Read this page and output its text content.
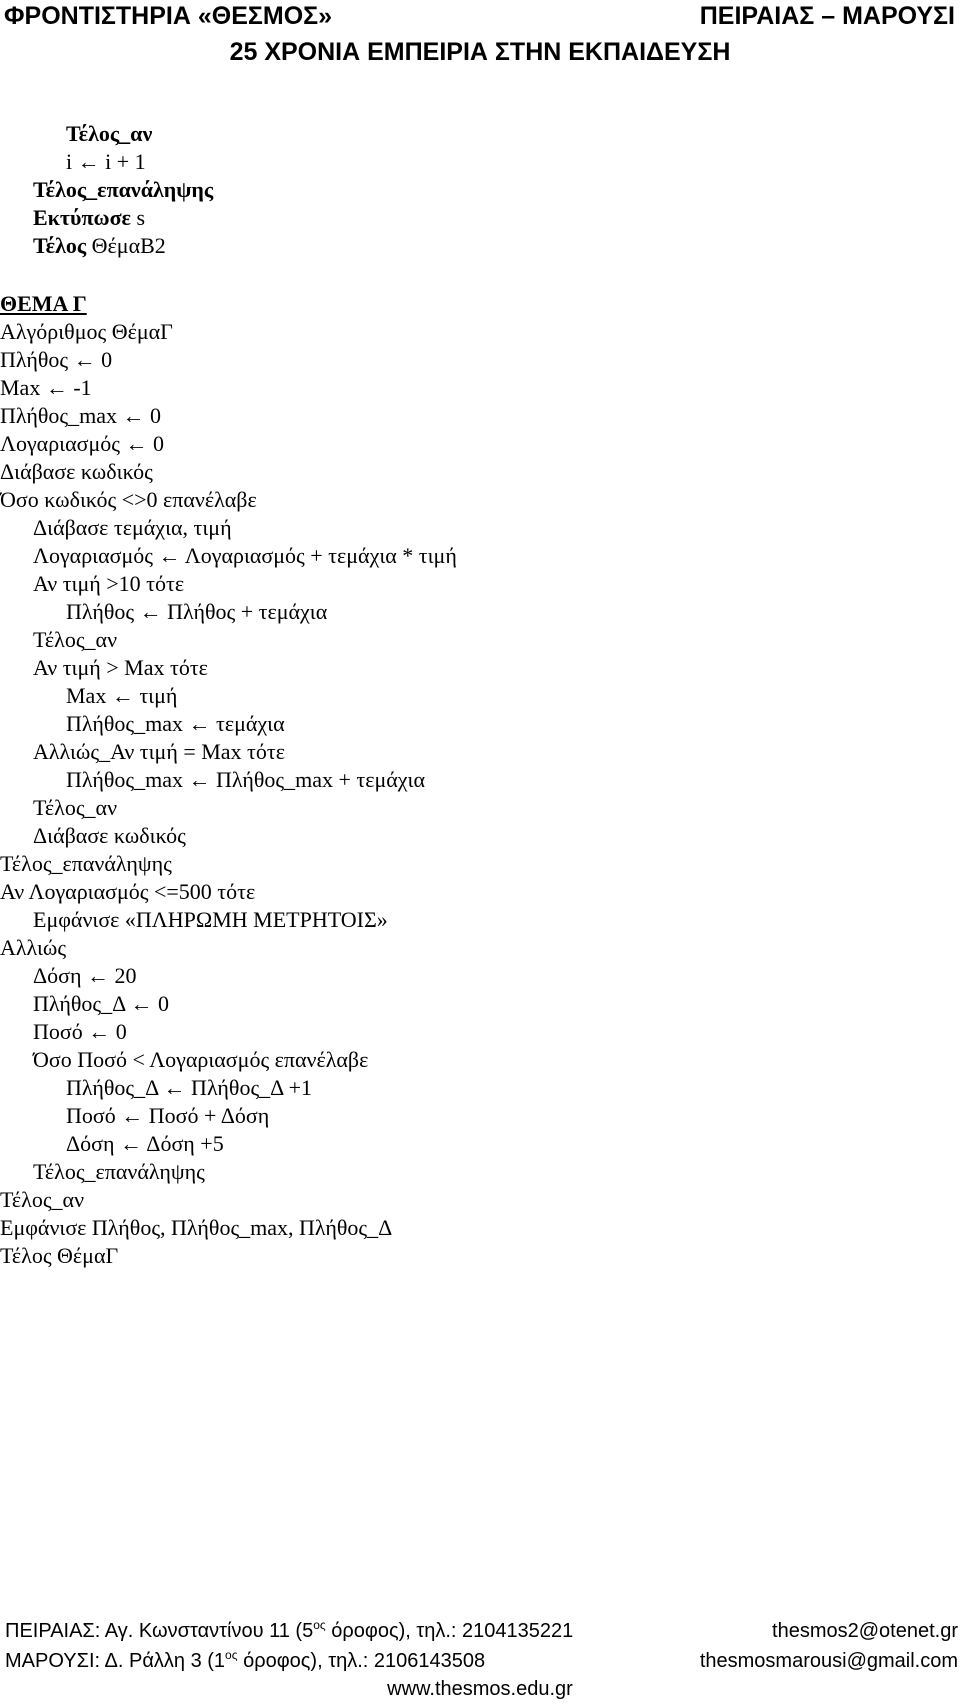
ΦΡΟΝΤΙΣΤΗΡΙΑ «ΘΕΣΜΟΣ»	ΠΕΙΡΑΙΑΣ – ΜΑΡΟΥΣΙ
25 ΧΡΟΝΙΑ ΕΜΠΕΙΡΙΑ ΣΤΗΝ ΕΚΠΑΙΔΕΥΣΗ
Τέλος_αν
i ← i + 1
Τέλος_επανάληψης
Εκτύπωσε s
Τέλος ΘέμαΒ2
ΘΕΜΑ Γ
Αλγόριθμος ΘέμαΓ
Πλήθος ← 0
Max ← -1
Πλήθος_max ← 0
Λογαριασμός ← 0
Διάβασε κωδικός
Όσο κωδικός <>0 επανέλαβε
Διάβασε τεμάχια, τιμή
Λογαριασμός ← Λογαριασμός + τεμάχια * τιμή
Αν τιμή >10 τότε
Πλήθος ← Πλήθος + τεμάχια
Τέλος_αν
Αν τιμή > Max τότε
Max ← τιμή
Πλήθος_max ← τεμάχια
Αλλιώς_Αν τιμή = Max τότε
Πλήθος_max ← Πλήθος_max + τεμάχια
Τέλος_αν
Διάβασε κωδικός
Τέλος_επανάληψης
Αν Λογαριασμός <=500 τότε
Εμφάνισε «ΠΛΗΡΩΜΗ ΜΕΤΡΗΤΟΙΣ»
Αλλιώς
Δόση ← 20
Πλήθος_Δ ← 0
Ποσό ← 0
Όσο Ποσό < Λογαριασμός επανέλαβε
Πλήθος_Δ ← Πλήθος_Δ +1
Ποσό ← Ποσό + Δόση
Δόση ← Δόση +5
Τέλος_επανάληψης
Τέλος_αν
Εμφάνισε Πλήθος, Πλήθος_max, Πλήθος_Δ
Τέλος ΘέμαΓ
ΠΕΙΡΑΙΑΣ: Αγ. Κωνσταντίνου 11 ($5^{o\varsigma}$ όροφος), τηλ.: 2104135221	thesmos2@otenet.gr
ΜΑΡΟΥΣΙ: Δ. Ράλλη 3 ($1^{o\varsigma}$ όροφος), τηλ.: 2106143508	thesmosmarousi@gmail.com
www.thesmos.edu.gr
